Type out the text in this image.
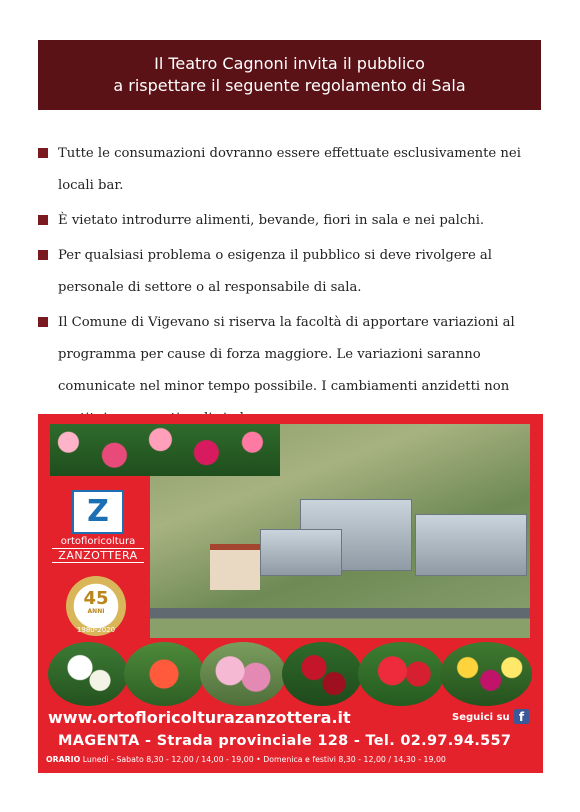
Il Teatro Cagnoni invita il pubblico
a rispettare il seguente regolamento di Sala
Tutte le consumazioni dovranno essere effettuate esclusivamente nei locali bar.
È vietato introdurre alimenti, bevande, fiori in sala e nei palchi.
Per qualsiasi problema o esigenza il pubblico si deve rivolgere al personale di settore o al responsabile di sala.
Il Comune di Vigevano si riserva la facoltà di apportare variazioni al programma per cause di forza maggiore. Le variazioni saranno comunicate nel minor tempo possibile. I cambiamenti anzidetti non
Z
ortofloricoltura
ZANZOTTERA
45
ANNI
1980-2020
www.ortofloricolturazanzottera.it	Seguici su f
MAGENTA - Strada provinciale 128 - Tel. 02.97.94.557
ORARIO Lunedì - Sabato 8,30 - 12,00 / 14,00 - 19,00 • Domenica e festivi 8,30 - 12,00 / 14,30 - 19,00
